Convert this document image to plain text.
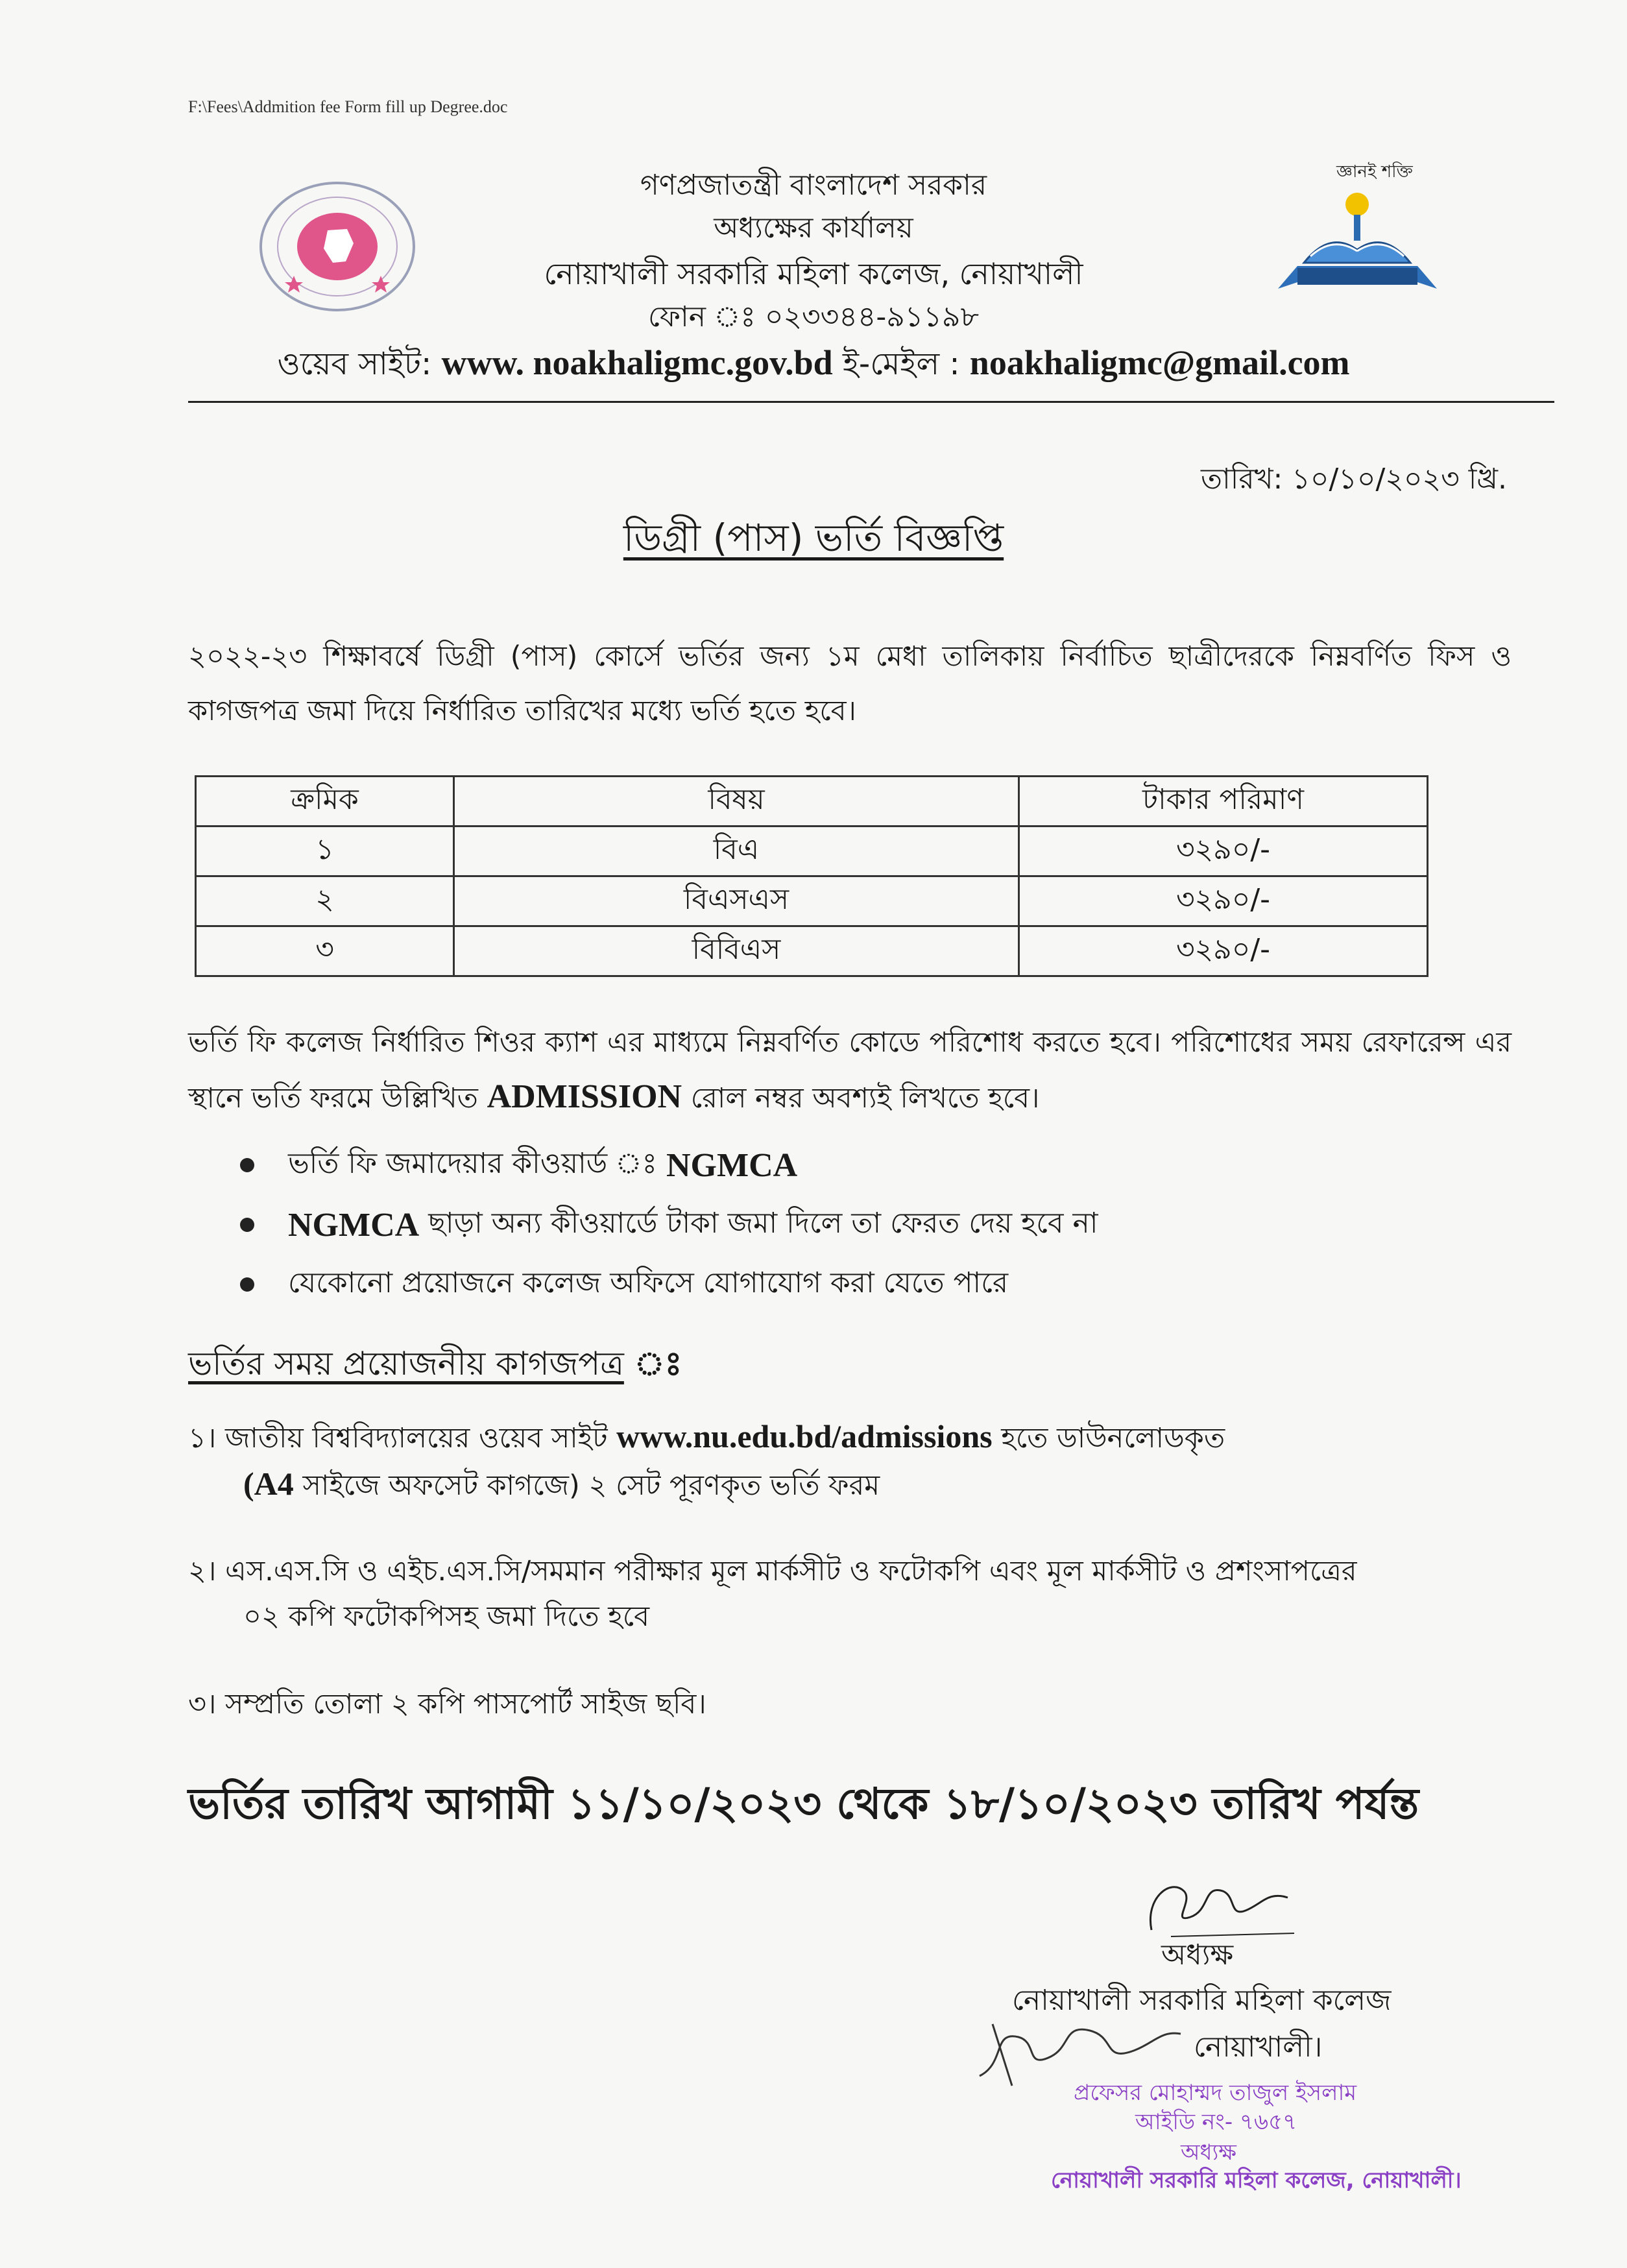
F:\Fees\Addmition fee Form fill up Degree.doc
জ্ঞানই শক্তি
গণপ্রজাতন্ত্রী বাংলাদেশ সরকার
অধ্যক্ষের কার্যালয়
নোয়াখালী সরকারি মহিলা কলেজ, নোয়াখালী
ফোন ঃ ০২৩৩৪৪-৯১১৯৮
ওয়েব সাইট: www. noakhaligmc.gov.bd ই-মেইল : noakhaligmc@gmail.com
তারিখ: ১০/১০/২০২৩ খ্রি.
ডিগ্রী (পাস) ভর্তি বিজ্ঞপ্তি
২০২২-২৩ শিক্ষাবর্ষে ডিগ্রী (পাস) কোর্সে ভর্তির জন্য ১ম মেধা তালিকায় নির্বাচিত ছাত্রীদেরকে নিম্নবর্ণিত ফিস ও কাগজপত্র জমা দিয়ে নির্ধারিত তারিখের মধ্যে ভর্তি হতে হবে।
ক্রমিক	বিষয়	টাকার পরিমাণ
১	বিএ	৩২৯০/-
২	বিএসএস	৩২৯০/-
৩	বিবিএস	৩২৯০/-
ভর্তি ফি কলেজ নির্ধারিত শিওর ক্যাশ এর মাধ্যমে নিম্নবর্ণিত কোডে পরিশোধ করতে হবে। পরিশোধের সময় রেফারেন্স এর স্থানে ভর্তি ফরমে উল্লিখিত ADMISSION রোল নম্বর অবশ্যই লিখতে হবে।
ভর্তি ফি জমাদেয়ার কীওয়ার্ড ঃ
NGMCA
NGMCA
ছাড়া অন্য কীওয়ার্ডে টাকা জমা দিলে তা ফেরত দেয় হবে না
যেকোনো প্রয়োজনে কলেজ অফিসে যোগাযোগ করা যেতে পারে
ভর্তির সময় প্রয়োজনীয় কাগজপত্র ঃ
১। জাতীয় বিশ্ববিদ্যালয়ের ওয়েব সাইট www.nu.edu.bd/admissions হতে ডাউনলোডকৃত
(A4 সাইজে অফসেট কাগজে) ২ সেট পূরণকৃত ভর্তি ফরম
২। এস.এস.সি ও এইচ.এস.সি/সমমান পরীক্ষার মূল মার্কসীট ও ফটোকপি এবং মূল মার্কসীট ও প্রশংসাপত্রের
০২ কপি ফটোকপিসহ জমা দিতে হবে
৩। সম্প্রতি তোলা ২ কপি পাসপোর্ট সাইজ ছবি।
ভর্তির তারিখ আগামী ১১/১০/২০২৩ থেকে ১৮/১০/২০২৩ তারিখ পর্যন্ত
অধ্যক্ষ
নোয়াখালী সরকারি মহিলা কলেজ
নোয়াখালী।
প্রফেসর মোহাম্মদ তাজুল ইসলাম
আইডি নং- ৭৬৫৭
অধ্যক্ষ
নোয়াখালী সরকারি মহিলা কলেজ, নোয়াখালী।
